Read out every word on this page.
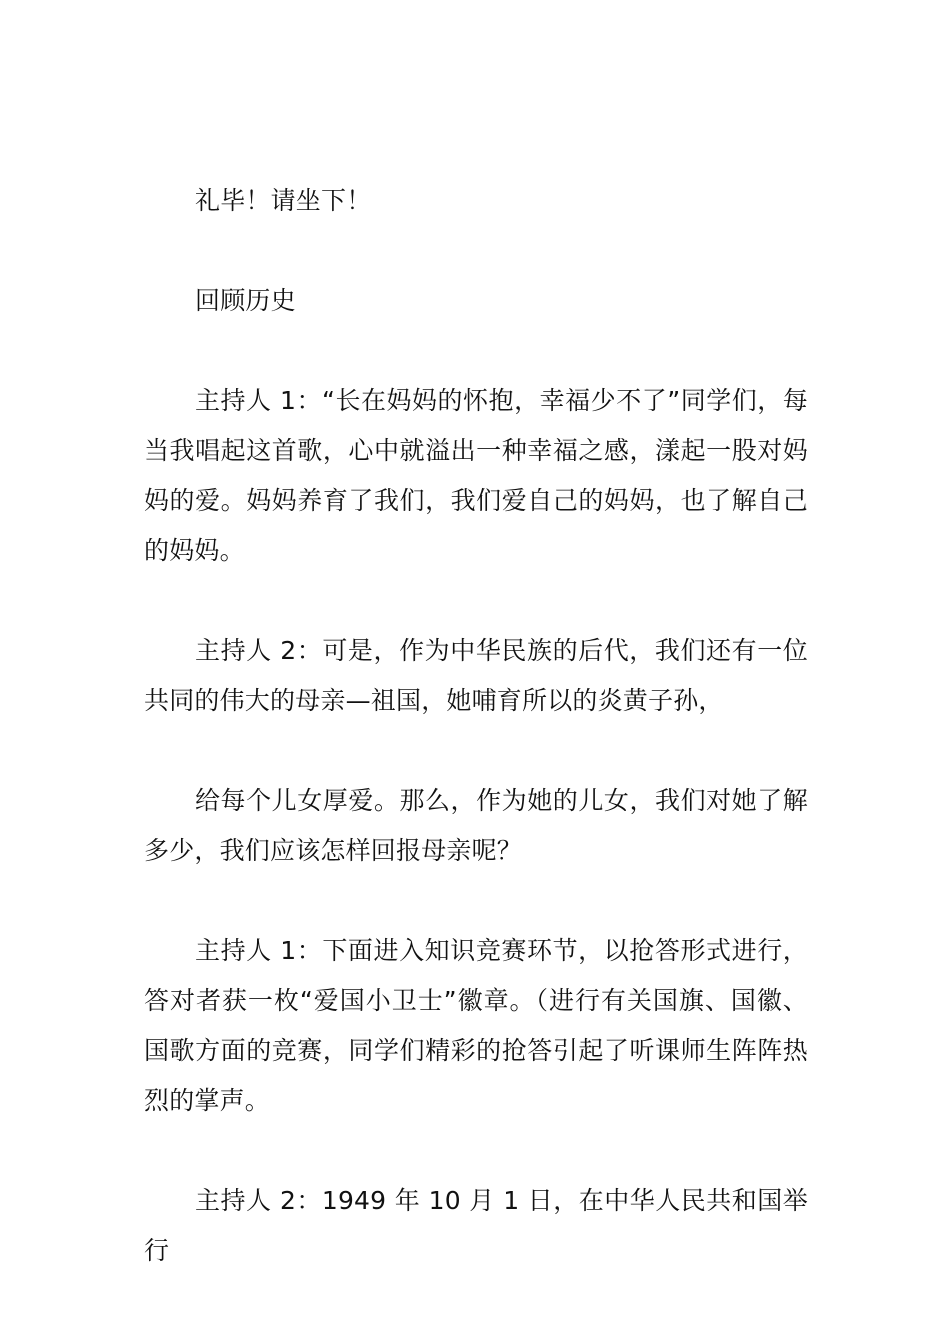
礼毕！请坐下！

回顾历史

主持人 1：“长在妈妈的怀抱，幸福少不了”同学们，每当我唱起这首歌，心中就溢出一种幸福之感，漾起一股对妈妈的爱。妈妈养育了我们，我们爱自己的妈妈，也了解自己的妈妈。

主持人 2：可是，作为中华民族的后代，我们还有一位共同的伟大的母亲—祖国，她哺育所以的炎黄子孙，

给每个儿女厚爱。那么，作为她的儿女，我们对她了解多少，我们应该怎样回报母亲呢？

主持人 1：下面进入知识竞赛环节，以抢答形式进行，答对者获一枚“爱国小卫士”徽章。（进行有关国旗、国徽、国歌方面的竞赛，同学们精彩的抢答引起了听课师生阵阵热烈的掌声。

主持人 2：1949 年 10 月 1 日，在中华人民共和国举行
